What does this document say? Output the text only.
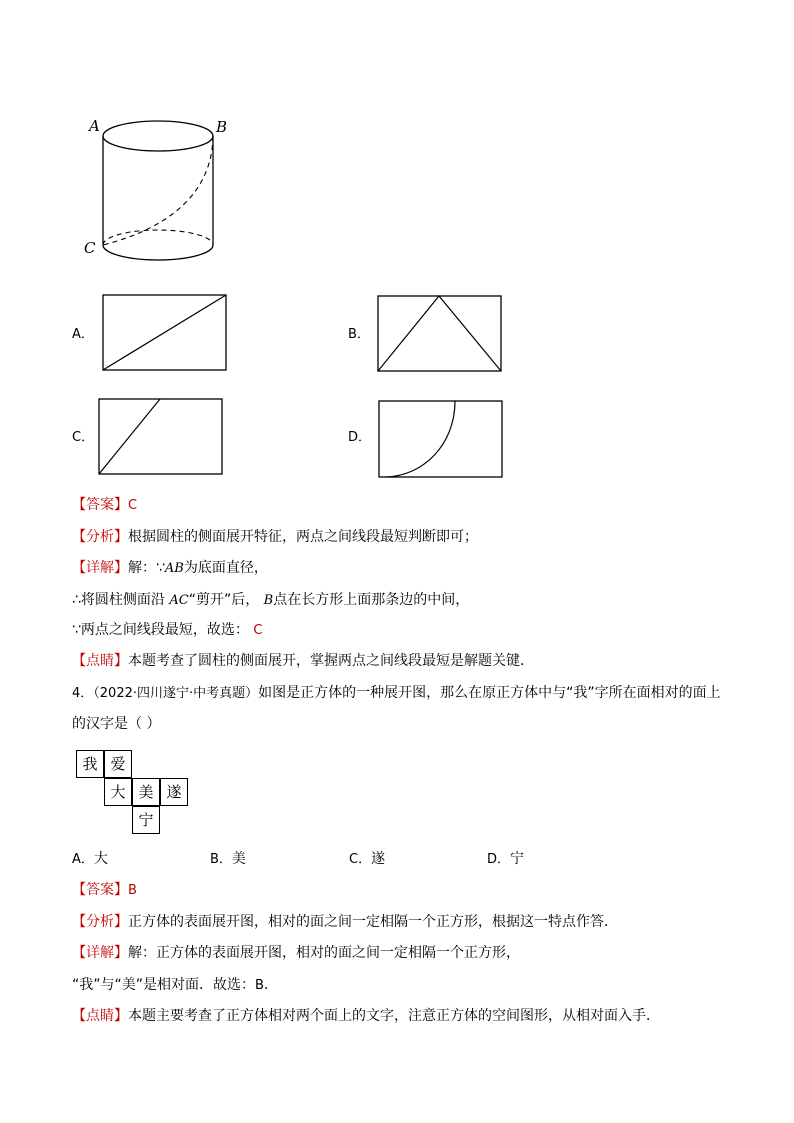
A	B
C
A．	B．
C．	D．
【答案】C
【分析】根据圆柱的侧面展开特征，两点之间线段最短判断即可；
【详解】解：∵AB为底面直径，
∴将圆柱侧面沿 AC“剪开”后， B点在长方形上面那条边的中间，
∵两点之间线段最短，故选： C
【点睛】本题考查了圆柱的侧面展开，掌握两点之间线段最短是解题关键．
4．（2022·四川遂宁·中考真题）如图是正方体的一种展开图，那么在原正方体中与“我”字所在面相对的面上
的汉字是（ ）
我 爱
大 美 遂
宁
A．大	B．美	C．遂	D．宁
【答案】B
【分析】正方体的表面展开图，相对的面之间一定相隔一个正方形，根据这一特点作答．
【详解】解：正方体的表面展开图，相对的面之间一定相隔一个正方形，
“我”与“美”是相对面．故选：B．
【点睛】本题主要考查了正方体相对两个面上的文字，注意正方体的空间图形，从相对面入手．
